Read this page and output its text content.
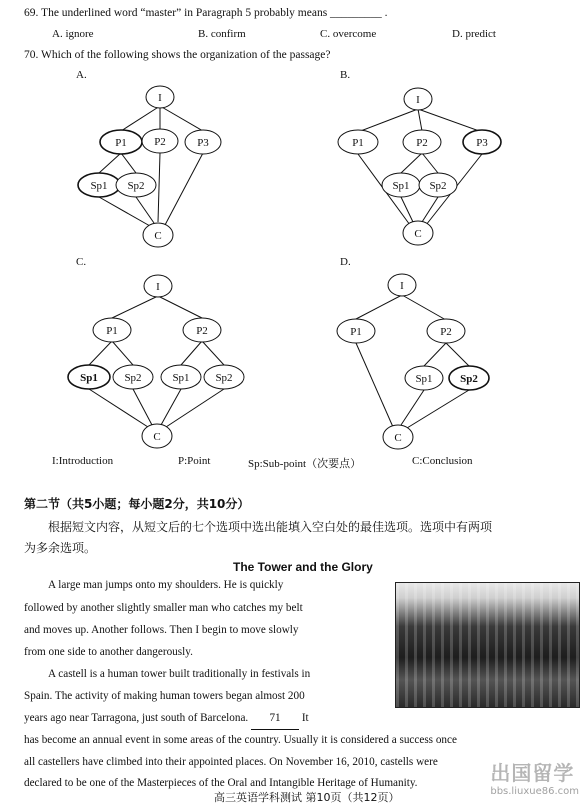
69. The underlined word “master” in Paragraph 5 probably means _________ .
A. ignore	B. confirm	C. overcome	D. predict
70. Which of the following shows the organization of the passage?
A.	B.
C.	D.
I
P1 P2	P3
Sp1 Sp2
C
I
P1	P2	P3
Sp1 Sp2
C
I
P1	P2
Sp1 Sp2	Sp1 Sp2
C
I
P1	P2
Sp1	Sp2
C
I:Introduction	P:Point	Sp:Sub-point（次要点）	C:Conclusion
第二节（共5小题；每小题2分，共10分）
根据短文内容，从短文后的七个选项中选出能填入空白处的最佳选项。选项中有两项
为多余选项。
The Tower and the Glory
A large man jumps onto my shoulders. He is quickly
followed by another slightly smaller man who catches my belt
and moves up. Another follows. Then I begin to move slowly
from one side to another dangerously.
A castell is a human tower built traditionally in festivals in
Spain. The activity of making human towers began almost 200
years ago near Tarragona, just south of Barcelona. 71 It
has become an annual event in some areas of the country. Usually it is considered a success once
all castellers have climbed into their appointed places. On November 16, 2010, castells were
declared to be one of the Masterpieces of the Oral and Intangible Heritage of Humanity.
高三英语学科测试 第10页（共12页）
出国留学
bbs.liuxue86.com
